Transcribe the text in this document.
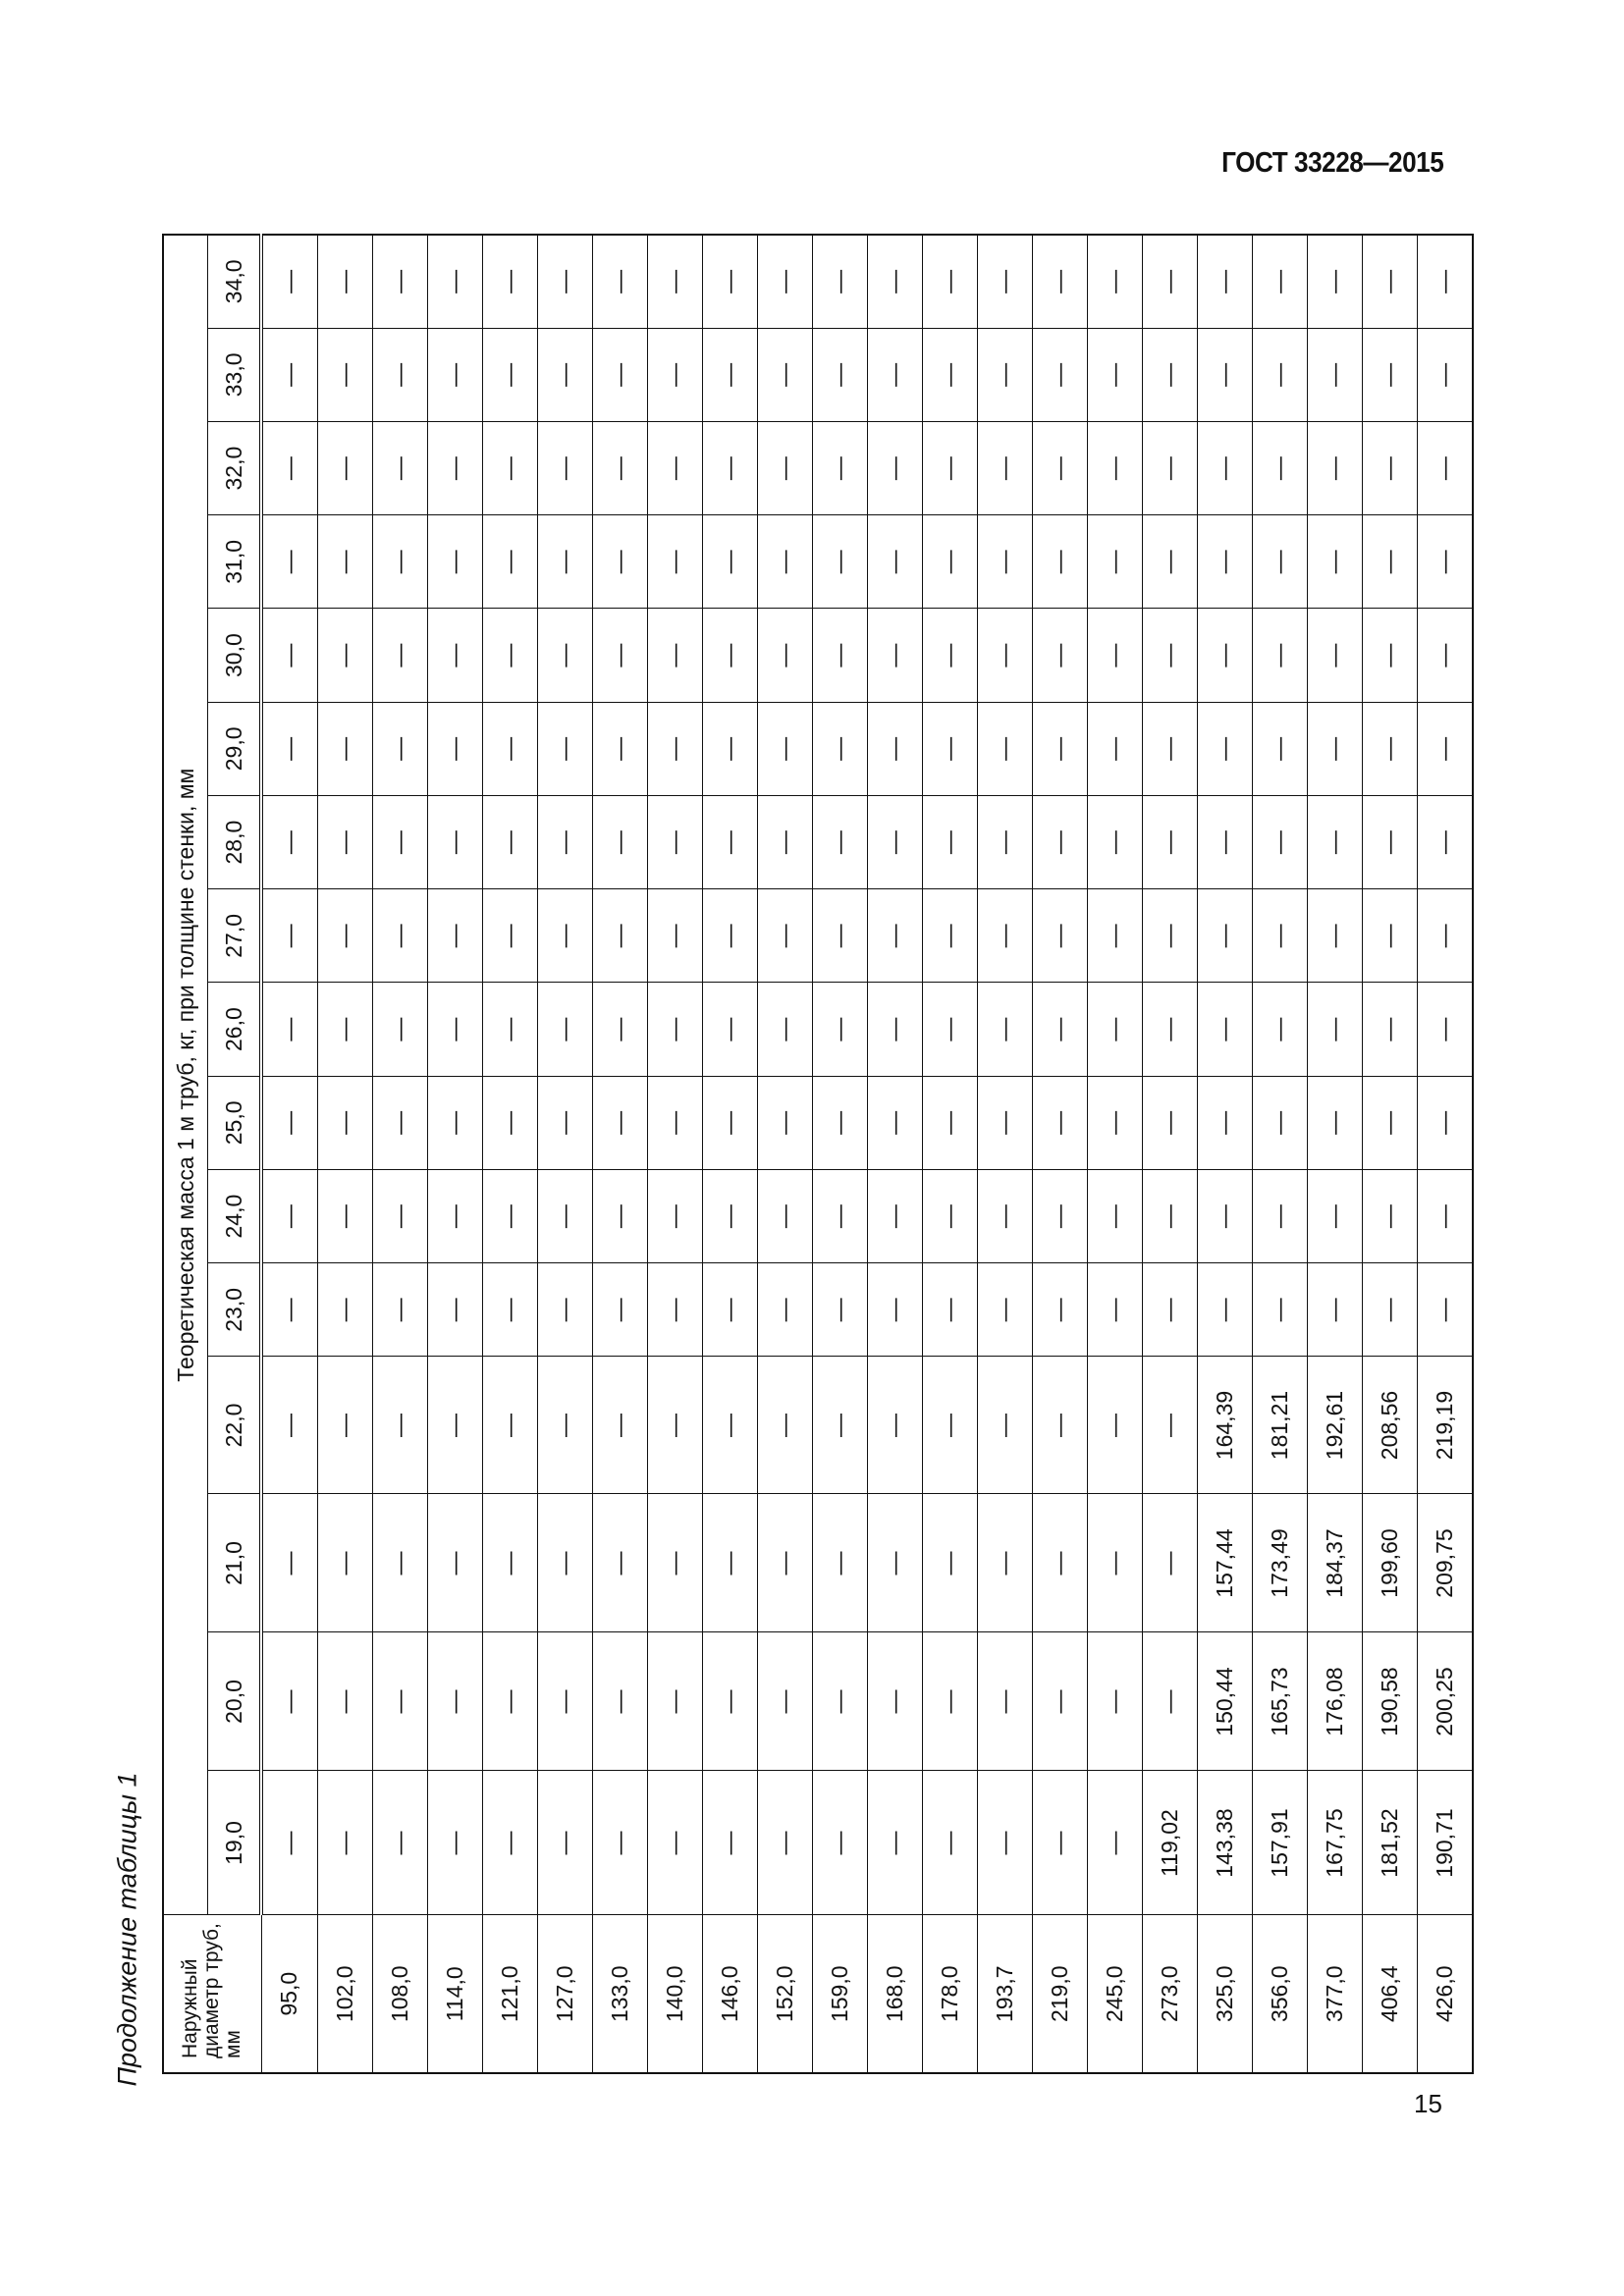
ГОСТ 33228—2015
Продолжение таблицы 1 Наружный диаметр труб, мм	Теоретическая масса 1 м труб, кг, при толщине стенки, мм															
	19,0	20,0	21,0	22,0	23,0	24,0	25,0	26,0	27,0	28,0	29,0	30,0	31,0	32,0	33,0	34,0
95,0	—	—	—	—	—	—	—	—	—	—	—	—	—	—	—	—
102,0	—	—	—	—	—	—	—	—	—	—	—	—	—	—	—	—
108,0	—	—	—	—	—	—	—	—	—	—	—	—	—	—	—	—
114,0	—	—	—	—	—	—	—	—	—	—	—	—	—	—	—	—
121,0	—	—	—	—	—	—	—	—	—	—	—	—	—	—	—	—
127,0	—	—	—	—	—	—	—	—	—	—	—	—	—	—	—	—
133,0	—	—	—	—	—	—	—	—	—	—	—	—	—	—	—	—
140,0	—	—	—	—	—	—	—	—	—	—	—	—	—	—	—	—
146,0	—	—	—	—	—	—	—	—	—	—	—	—	—	—	—	—
152,0	—	—	—	—	—	—	—	—	—	—	—	—	—	—	—	—
159,0	—	—	—	—	—	—	—	—	—	—	—	—	—	—	—	—
168,0	—	—	—	—	—	—	—	—	—	—	—	—	—	—	—	—
178,0	—	—	—	—	—	—	—	—	—	—	—	—	—	—	—	—
193,7	—	—	—	—	—	—	—	—	—	—	—	—	—	—	—	—
219,0	—	—	—	—	—	—	—	—	—	—	—	—	—	—	—	—
245,0	—	—	—	—	—	—	—	—	—	—	—	—	—	—	—	—
273,0	119,02	—	—	—	—	—	—	—	—	—	—	—	—	—	—	—
325,0	143,38	150,44	157,44	164,39	—	—	—	—	—	—	—	—	—	—	—	—
356,0	157,91	165,73	173,49	181,21	—	—	—	—	—	—	—	—	—	—	—	—
377,0	167,75	176,08	184,37	192,61	—	—	—	—	—	—	—	—	—	—	—	—
406,4	181,52	190,58	199,60	208,56	—	—	—	—	—	—	—	—	—	—	—	—
426,0	190,71	200,25	209,75	219,19	—	—	—	—	—	—	—	—	—	—	—	—
15
